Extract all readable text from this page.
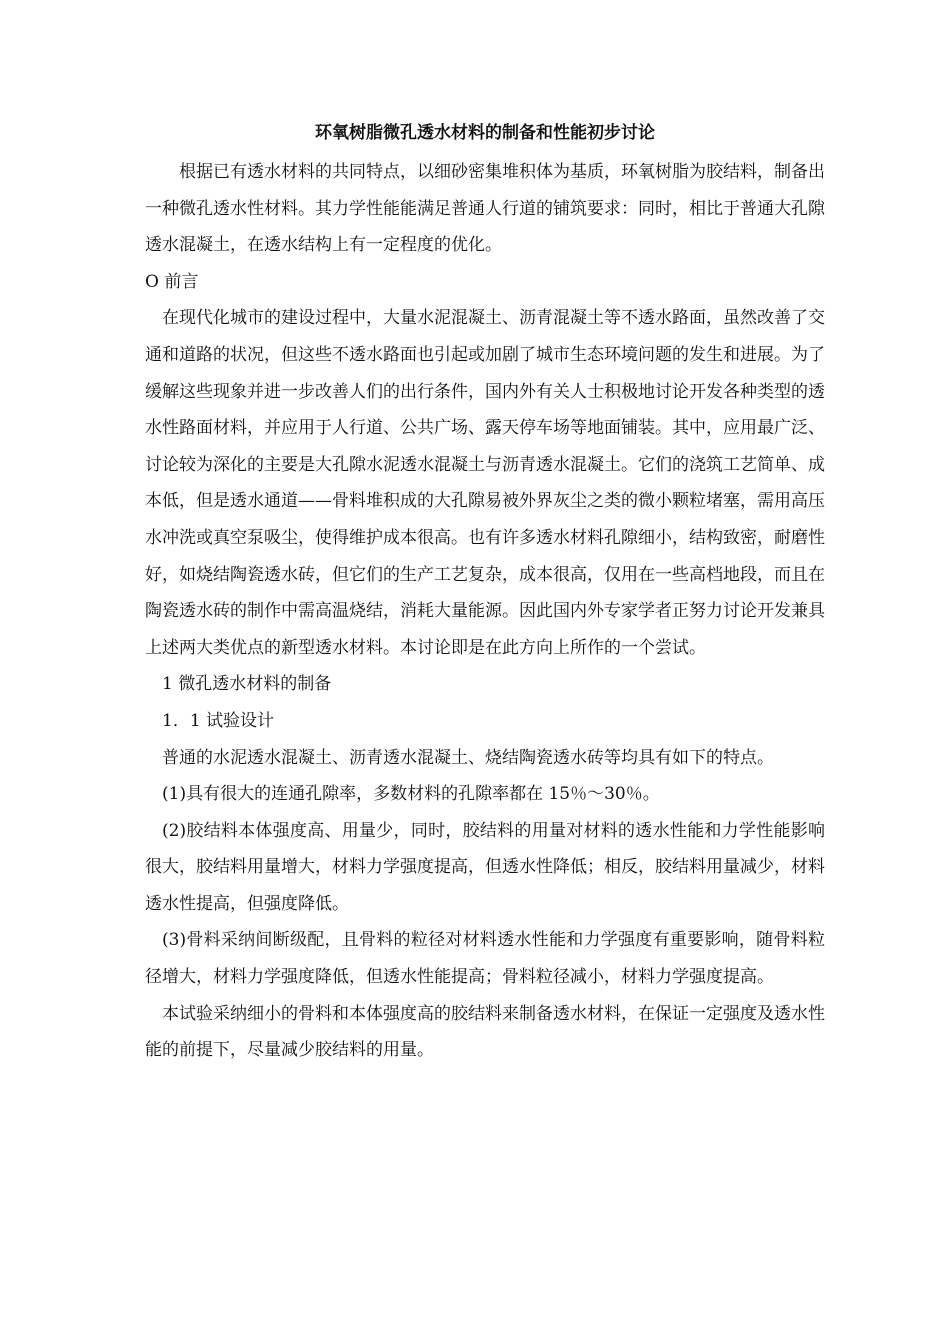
环氧树脂微孔透水材料的制备和性能初步讨论

根据已有透水材料的共同特点，以细砂密集堆积体为基质，环氧树脂为胶结料，制备出一种微孔透水性材料。其力学性能能满足普通人行道的铺筑要求：同时，相比于普通大孔隙透水混凝土，在透水结构上有一定程度的优化。

O 前言

在现代化城市的建设过程中，大量水泥混凝土、沥青混凝土等不透水路面，虽然改善了交通和道路的状况，但这些不透水路面也引起或加剧了城市生态环境问题的发生和进展。为了缓解这些现象并进一步改善人们的出行条件，国内外有关人士积极地讨论开发各种类型的透水性路面材料，并应用于人行道、公共广场、露天停车场等地面铺装。其中，应用最广泛、讨论较为深化的主要是大孔隙水泥透水混凝土与沥青透水混凝土。它们的浇筑工艺简单、成本低，但是透水通道——骨料堆积成的大孔隙易被外界灰尘之类的微小颗粒堵塞，需用高压水冲洗或真空泵吸尘，使得维护成本很高。也有许多透水材料孔隙细小，结构致密，耐磨性好，如烧结陶瓷透水砖，但它们的生产工艺复杂，成本很高，仅用在一些高档地段，而且在陶瓷透水砖的制作中需高温烧结，消耗大量能源。因此国内外专家学者正努力讨论开发兼具上述两大类优点的新型透水材料。本讨论即是在此方向上所作的一个尝试。

1 微孔透水材料的制备
1．1 试验设计

普通的水泥透水混凝土、沥青透水混凝土、烧结陶瓷透水砖等均具有如下的特点。

(1)具有很大的连通孔隙率，多数材料的孔隙率都在 15％～30％。

(2)胶结料本体强度高、用量少，同时，胶结料的用量对材料的透水性能和力学性能影响很大，胶结料用量增大，材料力学强度提高，但透水性降低；相反，胶结料用量减少，材料透水性提高，但强度降低。

(3)骨料采纳间断级配，且骨料的粒径对材料透水性能和力学强度有重要影响，随骨料粒径增大，材料力学强度降低，但透水性能提高；骨料粒径减小，材料力学强度提高。

本试验采纳细小的骨料和本体强度高的胶结料来制备透水材料，在保证一定强度及透水性能的前提下，尽量减少胶结料的用量。
